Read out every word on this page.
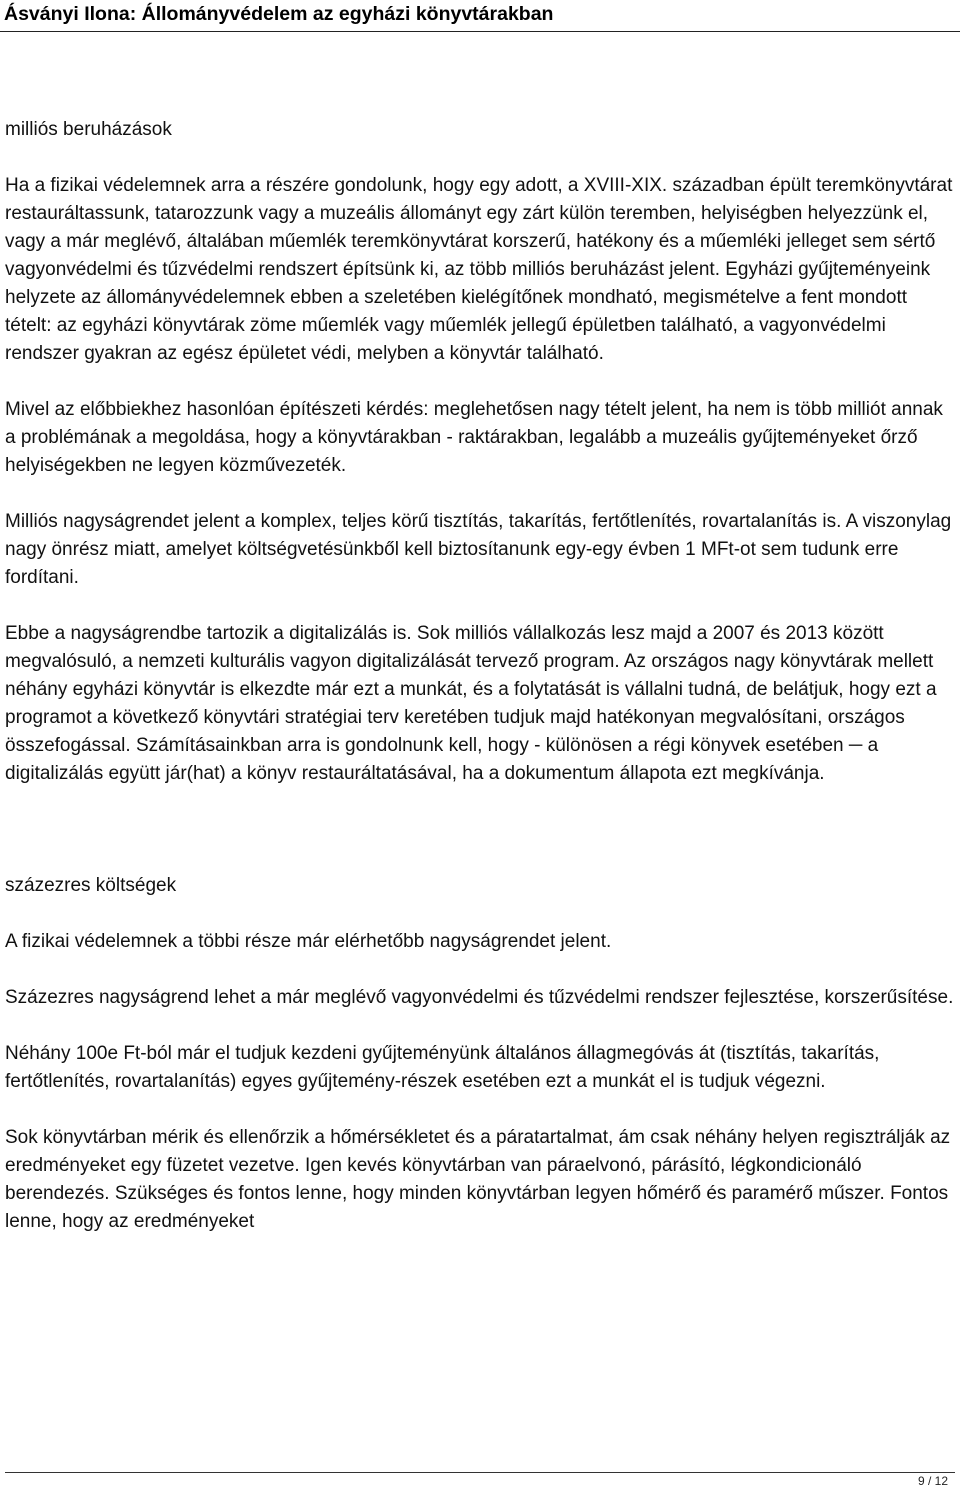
Ásványi Ilona: Állományvédelem az egyházi könyvtárakban

milliós beruházások

Ha a fizikai védelemnek arra a részére gondolunk, hogy egy adott, a XVIII-XIX. században épült teremkönyvtárat restauráltassunk, tatarozzunk vagy a muzeális állományt egy zárt külön teremben, helyiségben helyezzünk el, vagy a már meglévő, általában műemlék teremkönyvtárat korszerű, hatékony és a műemléki jelleget sem sértő vagyonvédelmi és tűzvédelmi rendszert építsünk ki, az több milliós beruházást jelent. Egyházi gyűjteményeink helyzete az állományvédelemnek ebben a szeletében kielégítőnek mondható, megismételve a fent mondott tételt: az egyházi könyvtárak zöme műemlék vagy műemlék jellegű épületben található, a vagyonvédelmi rendszer gyakran az egész épületet védi, melyben a könyvtár található.

Mivel az előbbiekhez hasonlóan építészeti kérdés: meglehetősen nagy tételt jelent, ha nem is több milliót annak a problémának a megoldása, hogy a könyvtárakban - raktárakban, legalább a muzeális gyűjteményeket őrző helyiségekben ne legyen közművezeték.

Milliós nagyságrendet jelent a komplex, teljes körű tisztítás, takarítás, fertőtlenítés, rovartalanítás is. A viszonylag nagy önrész miatt, amelyet költségvetésünkből kell biztosítanunk egy-egy évben 1 MFt-ot sem tudunk erre fordítani.

Ebbe a nagyságrendbe tartozik a digitalizálás is. Sok milliós vállalkozás lesz majd a 2007 és 2013 között megvalósuló, a nemzeti kulturális vagyon digitalizálását tervező program. Az országos nagy könyvtárak mellett néhány egyházi könyvtár is elkezdte már ezt a munkát, és a folytatását is vállalni tudná, de belátjuk, hogy ezt a programot a következő könyvtári stratégiai terv keretében tudjuk majd hatékonyan megvalósítani, országos összefogással. Számításainkban arra is gondolnunk kell, hogy - különösen a régi könyvek esetében ─ a digitalizálás együtt jár(hat) a könyv restauráltatásával, ha a dokumentum állapota ezt megkívánja.

százezres költségek

A fizikai védelemnek a többi része már elérhetőbb nagyságrendet jelent.

Százezres nagyságrend lehet a már meglévő vagyonvédelmi és tűzvédelmi rendszer fejlesztése, korszerűsítése.

Néhány 100e Ft-ból már el tudjuk kezdeni gyűjteményünk általános állagmegóvás át (tisztítás, takarítás, fertőtlenítés, rovartalanítás) egyes gyűjtemény-részek esetében ezt a munkát el is tudjuk végezni.

Sok könyvtárban mérik és ellenőrzik a hőmérsékletet és a páratartalmat, ám csak néhány helyen regisztrálják az eredményeket egy füzetet vezetve. Igen kevés könyvtárban van páraelvonó, párásító, légkondicionáló berendezés. Szükséges és fontos lenne, hogy minden könyvtárban legyen hőmérő és paramérő műszer. Fontos lenne, hogy az eredményeket

9 / 12
